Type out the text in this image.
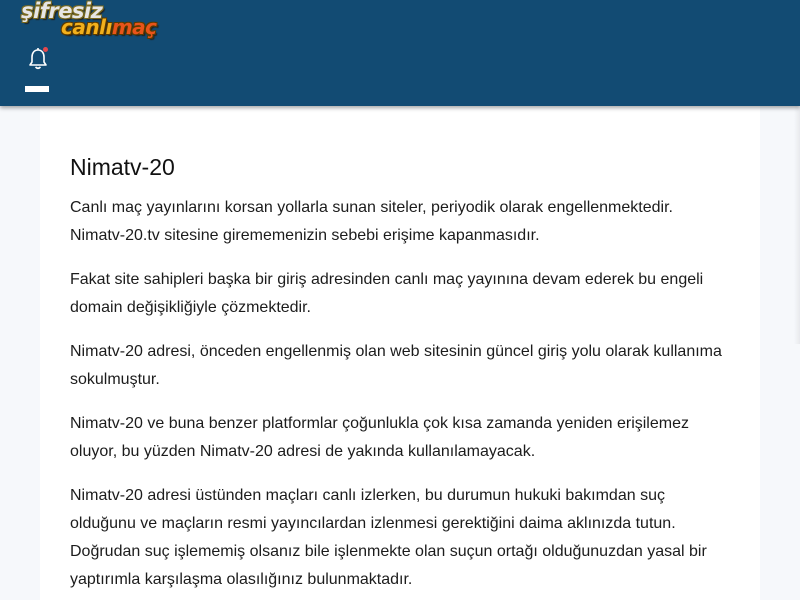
şifresiz
canlımaç
Nimatv-20

Canlı maç yayınlarını korsan yollarla sunan siteler, periyodik olarak engellenmektedir. Nimatv-20.tv sitesine girememenizin sebebi erişime kapanmasıdır.

Fakat site sahipleri başka bir giriş adresinden canlı maç yayınına devam ederek bu engeli domain değişikliğiyle çözmektedir.

Nimatv-20 adresi, önceden engellenmiş olan web sitesinin güncel giriş yolu olarak kullanıma sokulmuştur.

Nimatv-20 ve buna benzer platformlar çoğunlukla çok kısa zamanda yeniden erişilemez oluyor, bu yüzden Nimatv-20 adresi de yakında kullanılamayacak.

Nimatv-20 adresi üstünden maçları canlı izlerken, bu durumun hukuki bakımdan suç olduğunu ve maçların resmi yayıncılardan izlenmesi gerektiğini daima aklınızda tutun. Doğrudan suç işlememiş olsanız bile işlenmekte olan suçun ortağı olduğunuzdan yasal bir yaptırımla karşılaşma olasılığınız bulunmaktadır.
